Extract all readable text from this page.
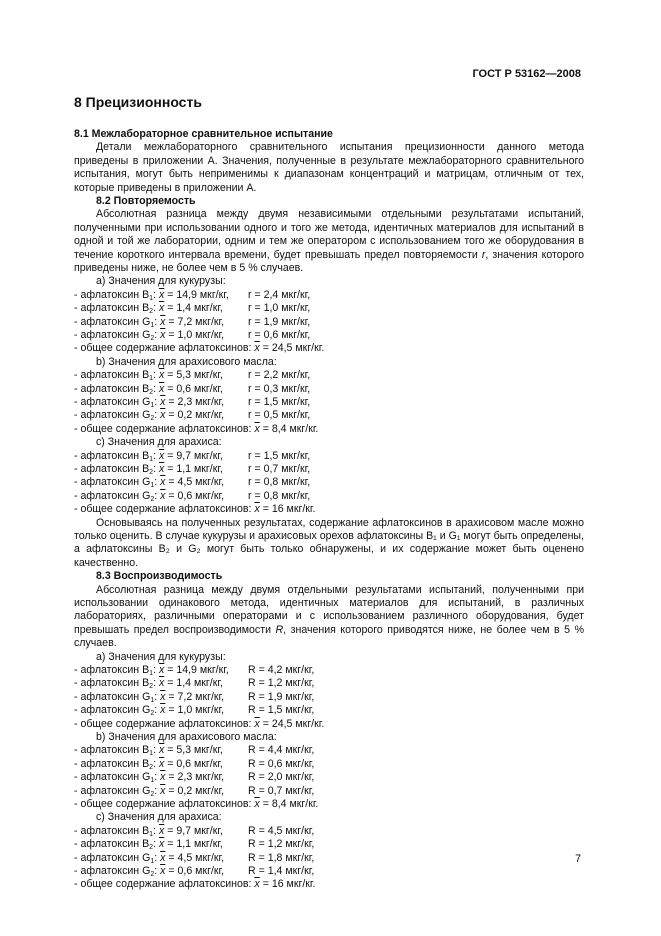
ГОСТ Р 53162—2008
8 Прецизионность
8.1 Межлабораторное сравнительное испытание

Детали межлабораторного сравнительного испытания прецизионности данного метода приведены в приложении А. Значения, полученные в результате межлабораторного сравнительного испытания, могут быть неприменимы к диапазонам концентраций и матрицам, отличным от тех, которые приведены в приложении А.

8.2 Повторяемость

Абсолютная разница между двумя независимыми отдельными результатами испытаний, полученными при использовании одного и того же метода, идентичных материалов для испытаний в одной и той же лаборатории, одним и тем же оператором с использованием того же оборудования в течение короткого интервала времени, будет превышать предел повторяемости r, значения которого приведены ниже, не более чем в 5 % случаев.

а) Значения для кукурузы:
- афлатоксин $B_1$: $\overline{x} = 14,9$ мкг/кг, r = 2,4 мкг/кг,
- афлатоксин $B_2$: $\overline{x} = 1,4$ мкг/кг, r = 1,0 мкг/кг,
- афлатоксин $G_1$: $\overline{x} = 7,2$ мкг/кг, r = 1,9 мкг/кг,
- афлатоксин $G_2$: $\overline{x} = 1,0$ мкг/кг, r = 0,6 мкг/кг,
- общее содержание афлатоксинов: $\overline{x} = 24,5$ мкг/кг.
b) Значения для арахисового масла:
- афлатоксин $B_1$: $\overline{x} = 5,3$ мкг/кг, r = 2,2 мкг/кг,
- афлатоксин $B_2$: $\overline{x} = 0,6$ мкг/кг, r = 0,3 мкг/кг,
- афлатоксин $G_1$: $\overline{x} = 2,3$ мкг/кг, r = 1,5 мкг/кг,
- афлатоксин $G_2$: $\overline{x} = 0,2$ мкг/кг, r = 0,5 мкг/кг,
- общее содержание афлатоксинов: $\overline{x} = 8,4$ мкг/кг.
c) Значения для арахиса:
- афлатоксин $B_1$: $\overline{x} = 9,7$ мкг/кг, r = 1,5 мкг/кг,
- афлатоксин $B_2$: $\overline{x} = 1,1$ мкг/кг, r = 0,7 мкг/кг,
- афлатоксин $G_1$: $\overline{x} = 4,5$ мкг/кг, r = 0,8 мкг/кг,
- афлатоксин $G_2$: $\overline{x} = 0,6$ мкг/кг, r = 0,8 мкг/кг,
- общее содержание афлатоксинов: $\overline{x} = 16$ мкг/кг.

Основываясь на полученных результатах, содержание афлатоксинов в арахисовом масле можно только оценить. В случае кукурузы и арахисовых орехов афлатоксины B₁ и G₁ могут быть определены, а афлатоксины B₂ и G₂ могут быть только обнаружены, и их содержание может быть оценено качественно.

8.3 Воспроизводимость

Абсолютная разница между двумя отдельными результатами испытаний, полученными при использовании одинакового метода, идентичных материалов для испытаний, в различных лабораториях, различными операторами и с использованием различного оборудования, будет превышать предел воспроизводимости R, значения которого приводятся ниже, не более чем в 5 % случаев.

а) Значения для кукурузы:
- афлатоксин $B_1$: $\overline{x} = 14,9$ мкг/кг, R = 4,2 мкг/кг,
- афлатоксин $B_2$: $\overline{x} = 1,4$ мкг/кг, R = 1,2 мкг/кг,
- афлатоксин $G_1$: $\overline{x} = 7,2$ мкг/кг, R = 1,9 мкг/кг,
- афлатоксин $G_2$: $\overline{x} = 1,0$ мкг/кг, R = 1,5 мкг/кг,
- общее содержание афлатоксинов: $\overline{x} = 24,5$ мкг/кг.
b) Значения для арахисового масла:
- афлатоксин $B_1$: $\overline{x} = 5,3$ мкг/кг, R = 4,4 мкг/кг,
- афлатоксин $B_2$: $\overline{x} = 0,6$ мкг/кг, R = 0,6 мкг/кг,
- афлатоксин $G_1$: $\overline{x} = 2,3$ мкг/кг, R = 2,0 мкг/кг,
- афлатоксин $G_2$: $\overline{x} = 0,2$ мкг/кг, R = 0,7 мкг/кг,
- общее содержание афлатоксинов: $\overline{x} = 8,4$ мкг/кг.
c) Значения для арахиса:
- афлатоксин $B_1$: $\overline{x} = 9,7$ мкг/кг, R = 4,5 мкг/кг,
- афлатоксин $B_2$: $\overline{x} = 1,1$ мкг/кг, R = 1,2 мкг/кг,
- афлатоксин $G_1$: $\overline{x} = 4,5$ мкг/кг, R = 1,8 мкг/кг,
- афлатоксин $G_2$: $\overline{x} = 0,6$ мкг/кг, R = 1,4 мкг/кг,
- общее содержание афлатоксинов: $\overline{x} = 16$ мкг/кг.
7
